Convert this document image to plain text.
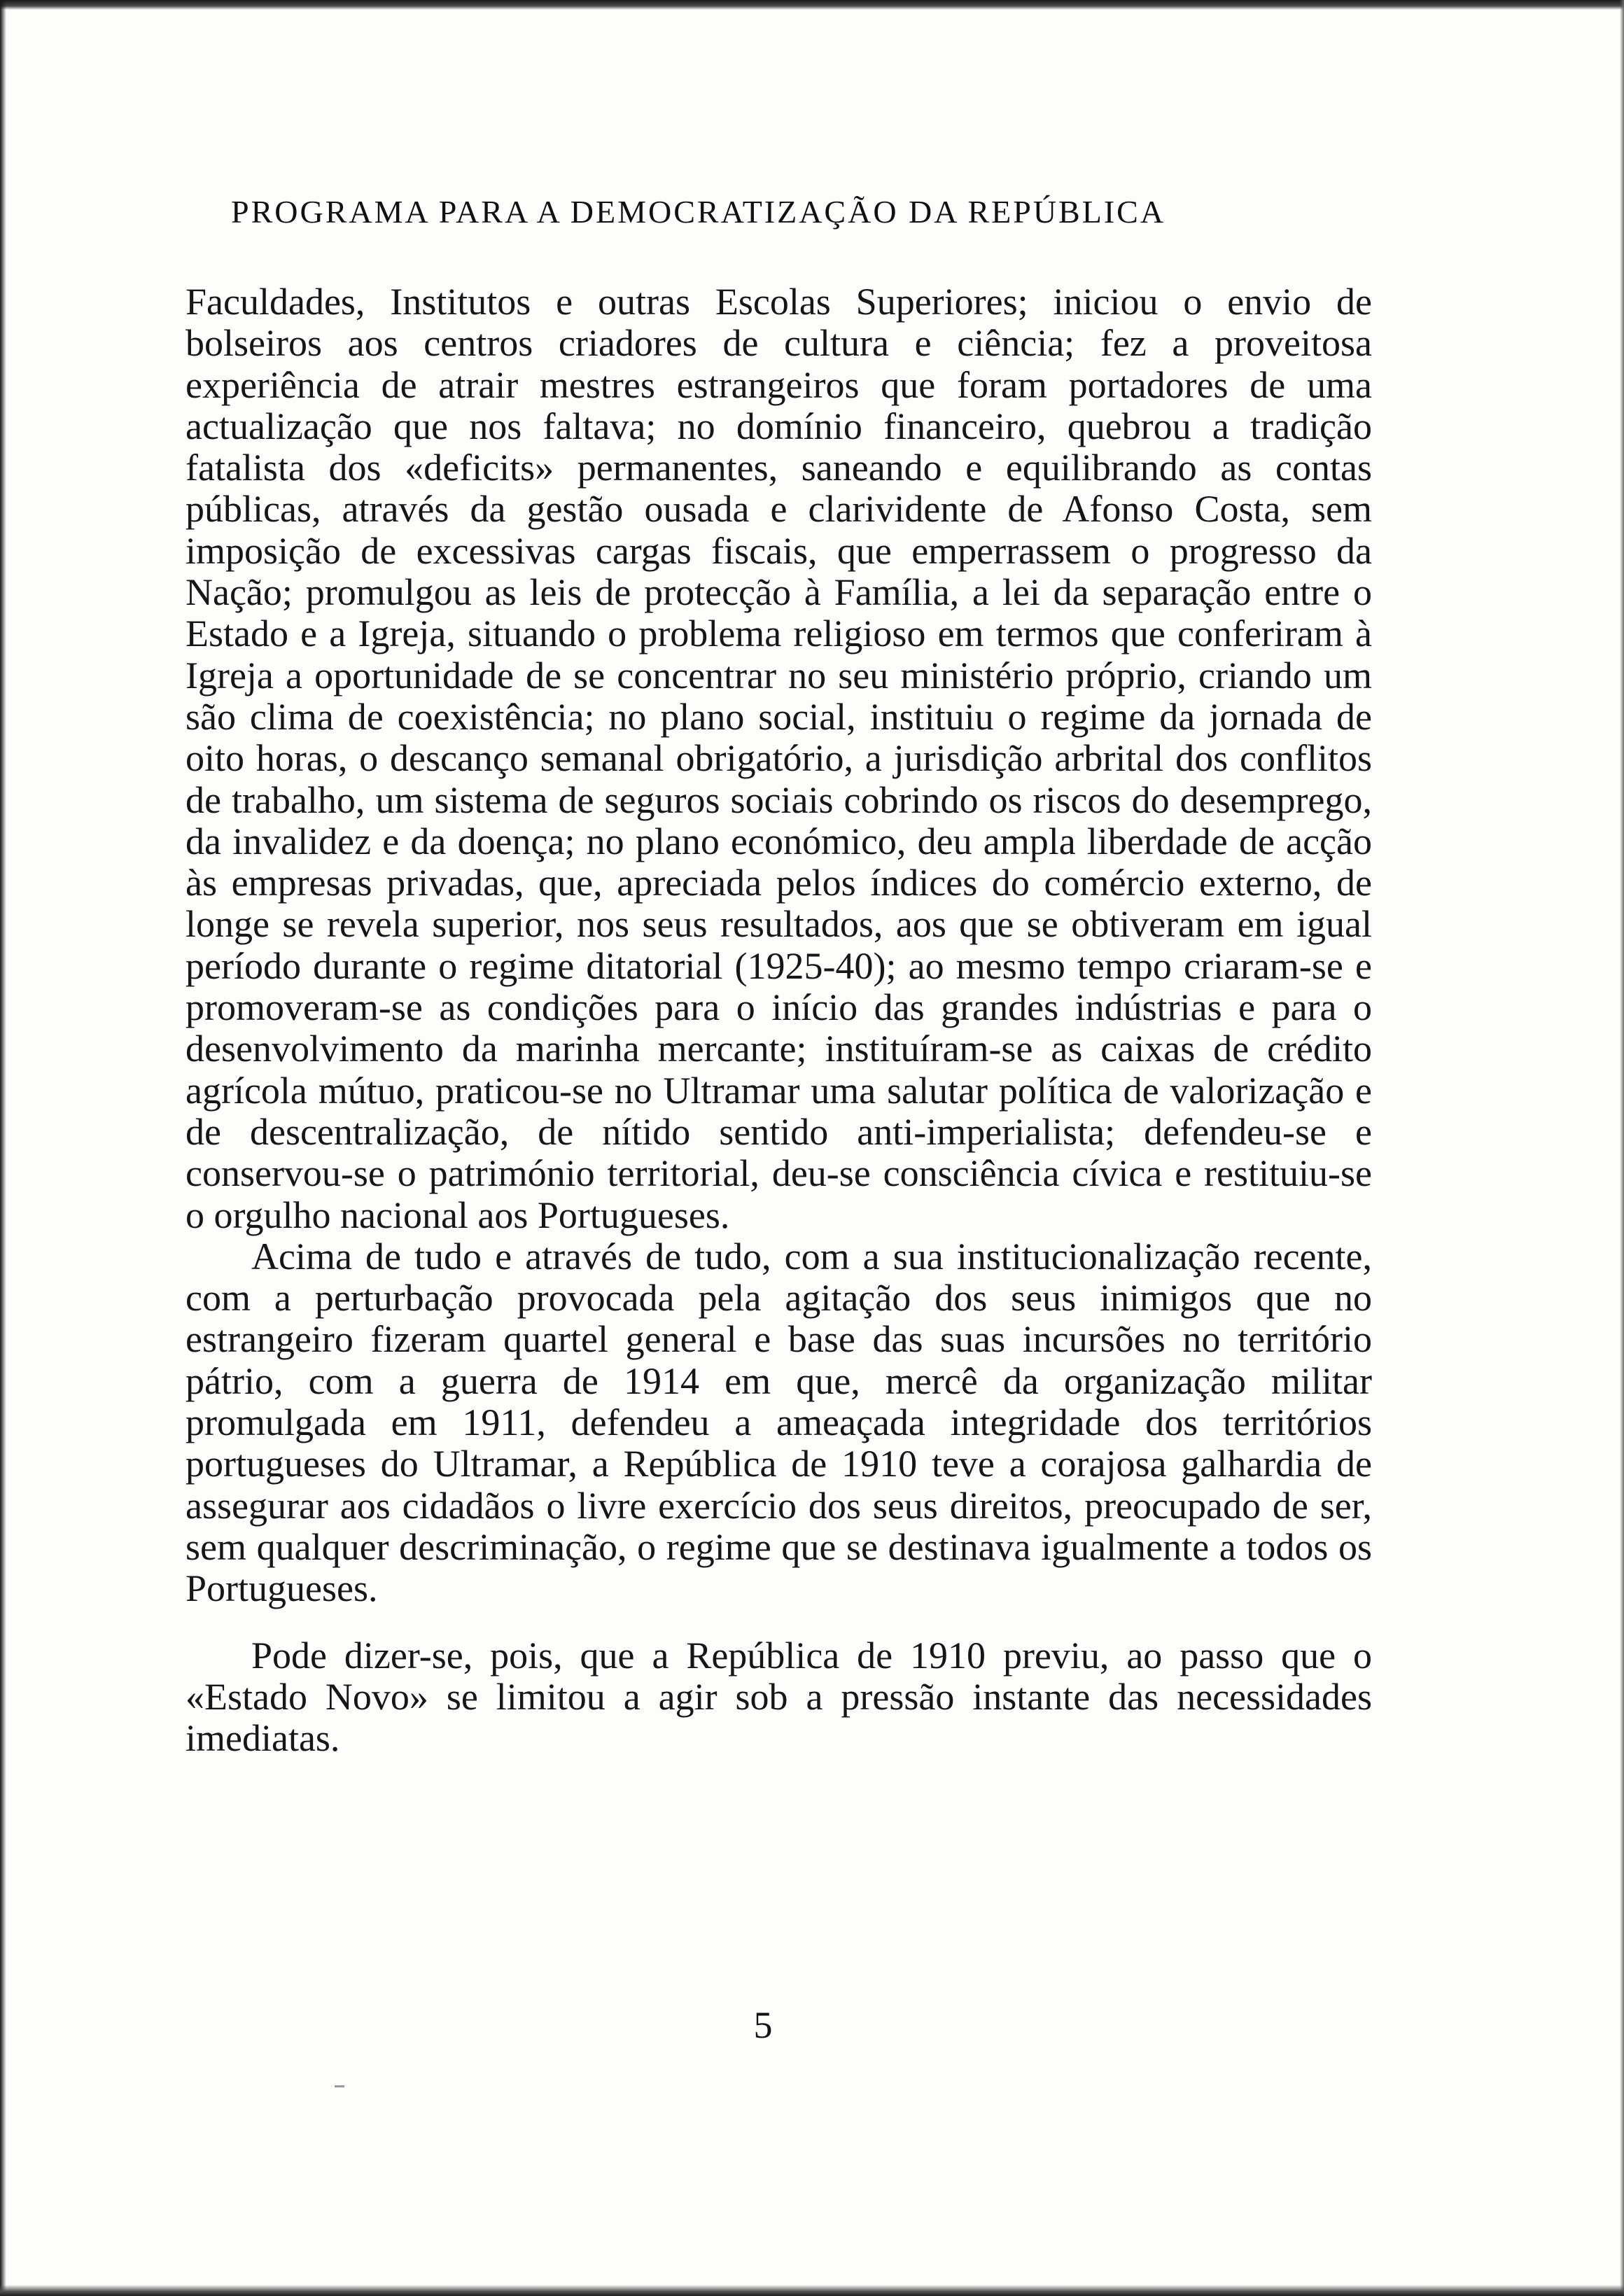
PROGRAMA PARA A DEMOCRATIZAÇÃO DA REPÚBLICA

Faculdades, Institutos e outras Escolas Superiores; iniciou o envio de bolseiros aos centros criadores de cultura e ciência; fez a proveitosa experiência de atrair mestres estrangeiros que foram portadores de uma actualização que nos faltava; no domínio financeiro, quebrou a tradição fatalista dos «deficits» permanentes, saneando e equilibrando as contas públicas, através da gestão ousada e clarividente de Afonso Costa, sem imposição de excessivas cargas fiscais, que emperrassem o progresso da Nação; promulgou as leis de protecção à Família, a lei da separação entre o Estado e a Igreja, situando o problema religioso em termos que conferiram à Igreja a oportunidade de se concentrar no seu ministério próprio, criando um são clima de coexistência; no plano social, instituiu o regime da jornada de oito horas, o descanço semanal obrigatório, a jurisdição arbrital dos conflitos de trabalho, um sistema de seguros sociais cobrindo os riscos do desemprego, da invalidez e da doença; no plano económico, deu ampla liberdade de acção às empresas privadas, que, apreciada pelos índices do comércio externo, de longe se revela superior, nos seus resultados, aos que se obtiveram em igual período durante o regime ditatorial (1925-40); ao mesmo tempo criaram-se e promoveram-se as condições para o início das grandes indústrias e para o desenvolvimento da marinha mercante; instituíram-se as caixas de crédito agrícola mútuo, praticou-se no Ultramar uma salutar política de valorização e de descentralização, de nítido sentido anti-imperialista; defendeu-se e conservou-se o património territorial, deu-se consciência cívica e restituiu-se o orgulho nacional aos Portugueses.

Acima de tudo e através de tudo, com a sua institucionalização recente, com a perturbação provocada pela agitação dos seus inimigos que no estrangeiro fizeram quartel general e base das suas incursões no território pátrio, com a guerra de 1914 em que, mercê da organização militar promulgada em 1911, defendeu a ameaçada integridade dos territórios portugueses do Ultramar, a República de 1910 teve a corajosa galhardia de assegurar aos cidadãos o livre exercício dos seus direitos, preocupado de ser, sem qualquer descriminação, o regime que se destinava igualmente a todos os Portugueses.

Pode dizer-se, pois, que a República de 1910 previu, ao passo que o «Estado Novo» se limitou a agir sob a pressão instante das necessidades imediatas.

5
